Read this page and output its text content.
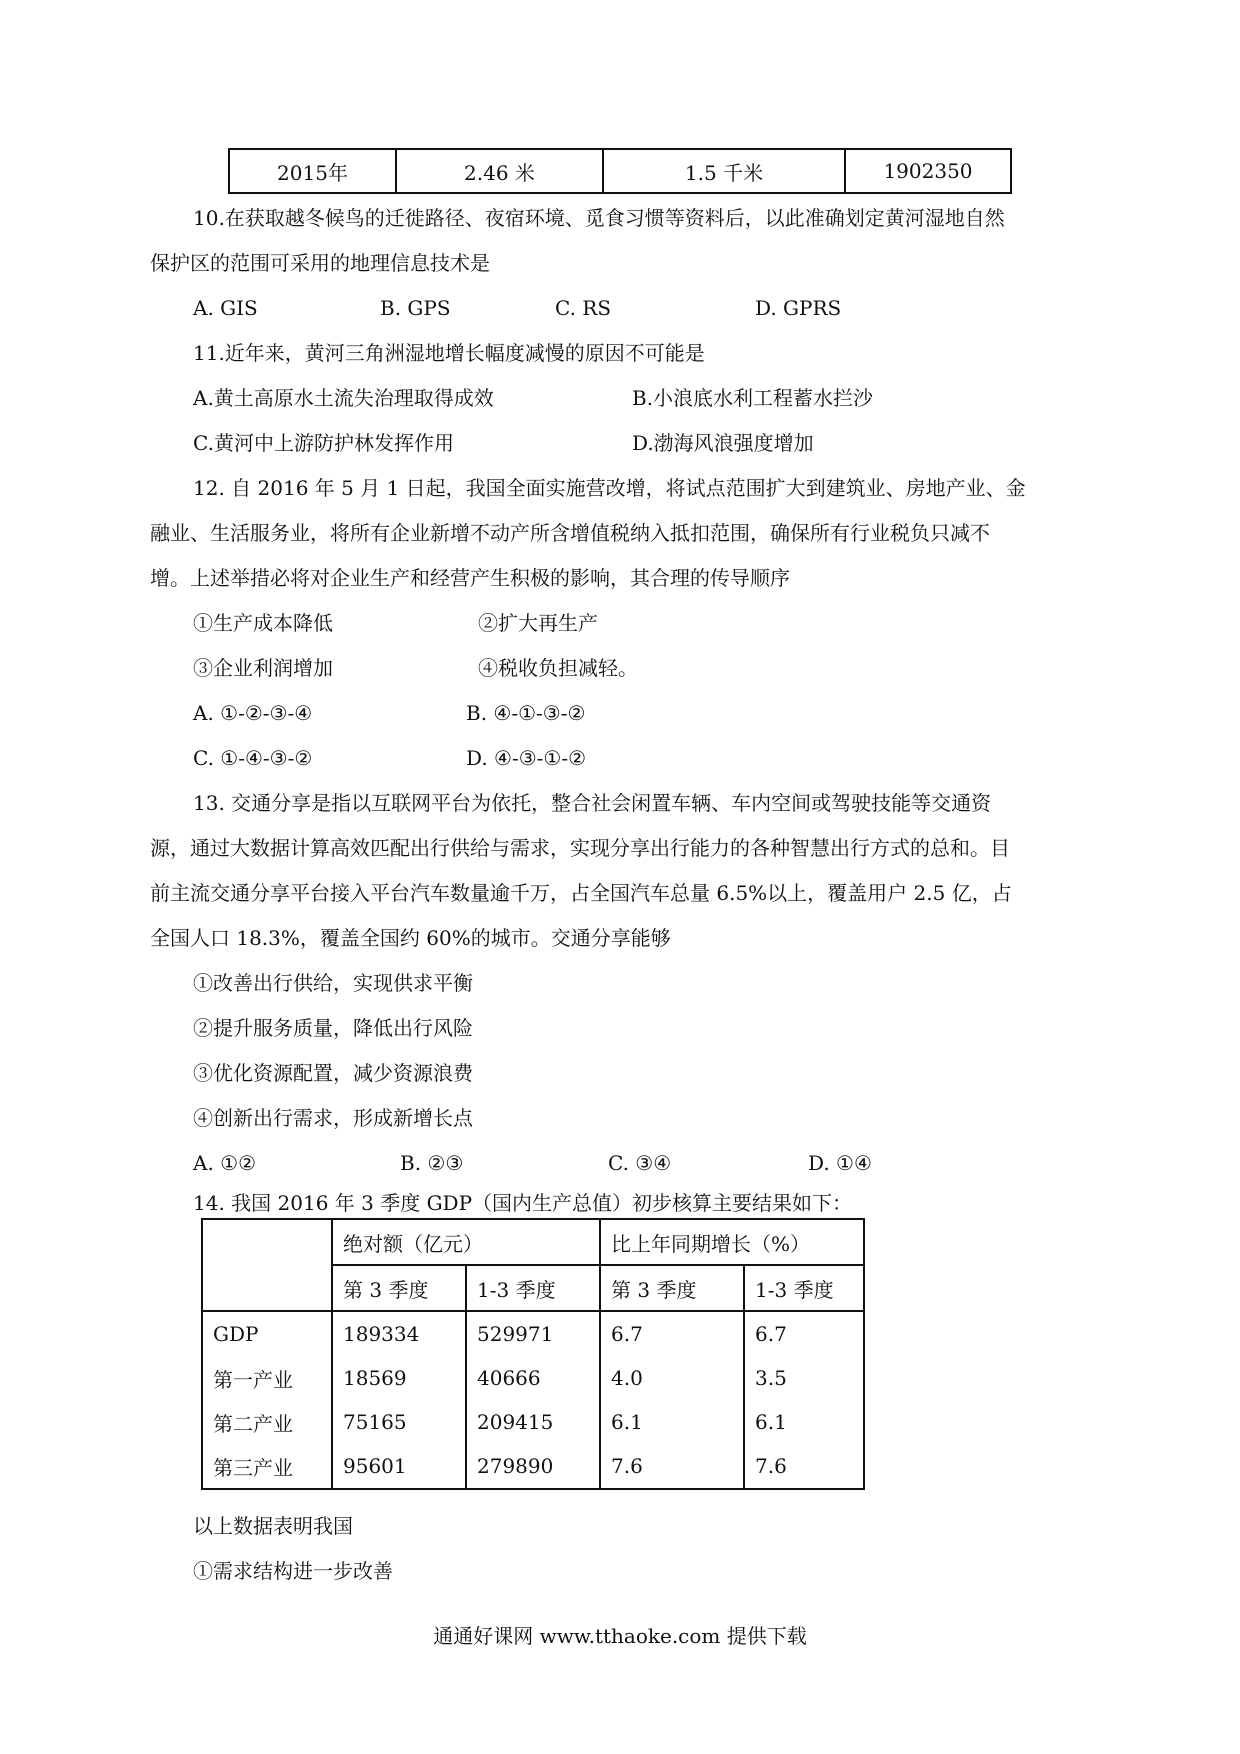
2015年	2.46 米	1.5 千米	1902350
10.在获取越冬候鸟的迁徙路径、夜宿环境、觅食习惯等资料后，以此准确划定黄河湿地自然
保护区的范围可采用的地理信息技术是
A. GIS	B. GPS	C. RS	D. GPRS
11.近年来，黄河三角洲湿地增长幅度减慢的原因不可能是
A.黄土高原水土流失治理取得成效	B.小浪底水利工程蓄水拦沙
C.黄河中上游防护林发挥作用	D.渤海风浪强度增加
12. 自 2016 年 5 月 1 日起，我国全面实施营改增，将试点范围扩大到建筑业、房地产业、金
融业、生活服务业，将所有企业新增不动产所含增值税纳入抵扣范围，确保所有行业税负只减不
增。上述举措必将对企业生产和经营产生积极的影响，其合理的传导顺序
①生产成本降低	②扩大再生产
③企业利润增加	④税收负担减轻。
A. ①-②-③-④	B. ④-①-③-②
C. ①-④-③-②	D. ④-③-①-②
13. 交通分享是指以互联网平台为依托，整合社会闲置车辆、车内空间或驾驶技能等交通资
源，通过大数据计算高效匹配出行供给与需求，实现分享出行能力的各种智慧出行方式的总和。目
前主流交通分享平台接入平台汽车数量逾千万，占全国汽车总量 6.5%以上，覆盖用户 2.5 亿，占
全国人口 18.3%，覆盖全国约 60%的城市。交通分享能够
①改善出行供给，实现供求平衡
②提升服务质量，降低出行风险
③优化资源配置，减少资源浪费
④创新出行需求，形成新增长点
A. ①②	B. ②③	C. ③④	D. ①④
14. 我国 2016 年 3 季度 GDP（国内生产总值）初步核算主要结果如下：
	绝对额（亿元）		比上年同期增长（%）	
	第 3 季度	1-3 季度	第 3 季度	1-3 季度
GDP	189334	529971	6.7	6.7
第一产业	18569	40666	4.0	3.5
第二产业	75165	209415	6.1	6.1
第三产业	95601	279890	7.6	7.6
以上数据表明我国
①需求结构进一步改善
通通好课网 www.tthaoke.com 提供下载
